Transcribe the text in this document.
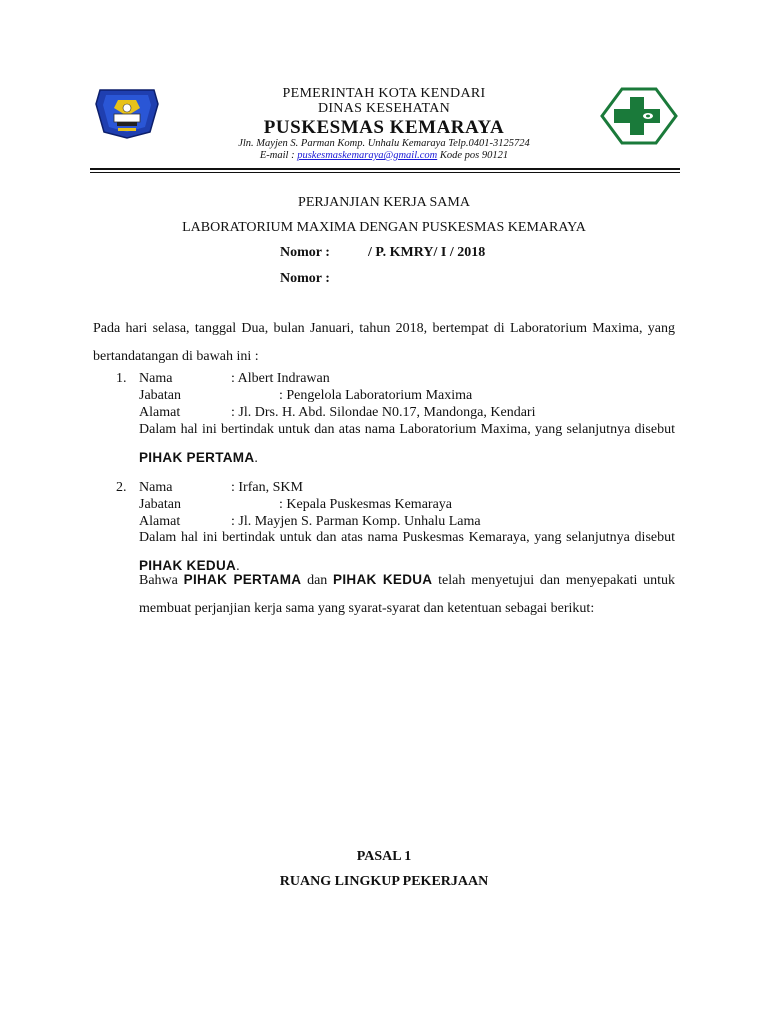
PEMERINTAH KOTA KENDARI
DINAS KESEHATAN
PUSKESMAS KEMARAYA
Jln. Mayjen S. Parman Komp. Unhalu Kemaraya Telp.0401-3125724
E-mail : puskesmaskemaraya@gmail.com Kode pos 90121
PERJANJIAN KERJA SAMA
LABORATORIUM MAXIMA DENGAN PUSKESMAS KEMARAYA
Nomor :	/ P. KMRY/ I / 2018
Nomor :
Pada hari selasa, tanggal Dua, bulan Januari, tahun 2018, bertempat di Laboratorium Maxima, yang bertandatangan di bawah ini :
1. Nama	: Albert Indrawan
Jabatan	: Pengelola Laboratorium Maxima
Alamat	: Jl. Drs. H. Abd. Silondae N0.17, Mandonga, Kendari
Dalam hal ini bertindak untuk dan atas nama Laboratorium Maxima, yang selanjutnya disebut PIHAK PERTAMA.
2. Nama	: Irfan, SKM
Jabatan	: Kepala Puskesmas Kemaraya
Alamat	: Jl. Mayjen S. Parman Komp. Unhalu Lama
Dalam hal ini bertindak untuk dan atas nama Puskesmas Kemaraya, yang selanjutnya disebut PIHAK KEDUA.
Bahwa PIHAK PERTAMA dan PIHAK KEDUA telah menyetujui dan menyepakati untuk membuat perjanjian kerja sama yang syarat-syarat dan ketentuan sebagai berikut:
PASAL 1
RUANG LINGKUP PEKERJAAN
